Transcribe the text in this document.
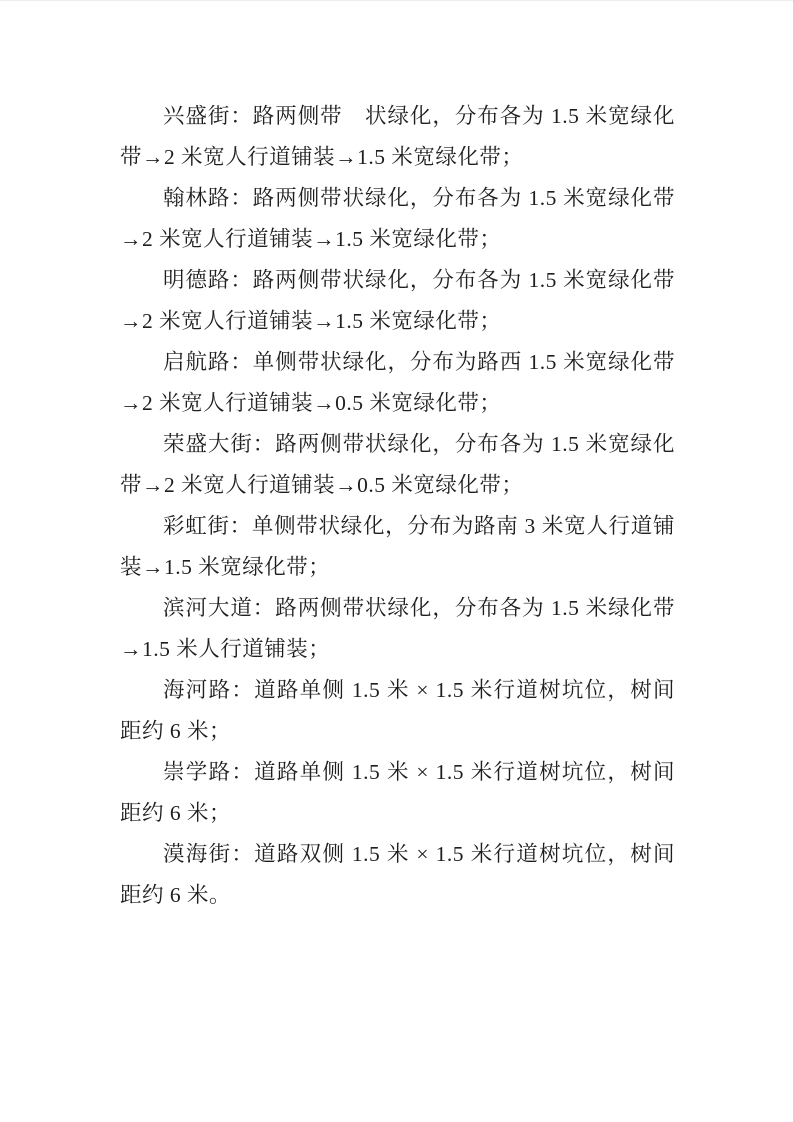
兴盛街：路两侧带　状绿化，分布各为 1.5 米宽绿化带→2 米宽人行道铺装→1.5 米宽绿化带；

翰林路：路两侧带状绿化，分布各为 1.5 米宽绿化带→2 米宽人行道铺装→1.5 米宽绿化带；

明德路：路两侧带状绿化，分布各为 1.5 米宽绿化带→2 米宽人行道铺装→1.5 米宽绿化带；

启航路：单侧带状绿化，分布为路西 1.5 米宽绿化带→2 米宽人行道铺装→0.5 米宽绿化带；

荣盛大街：路两侧带状绿化，分布各为 1.5 米宽绿化带→2 米宽人行道铺装→0.5 米宽绿化带；

彩虹街：单侧带状绿化，分布为路南 3 米宽人行道铺装→1.5 米宽绿化带；

滨河大道：路两侧带状绿化，分布各为 1.5 米绿化带→1.5 米人行道铺装；

海河路：道路单侧 1.5 米 × 1.5 米行道树坑位，树间距约 6 米；

崇学路：道路单侧 1.5 米 × 1.5 米行道树坑位，树间距约 6 米；

漠海街：道路双侧 1.5 米 × 1.5 米行道树坑位，树间距约 6 米。
